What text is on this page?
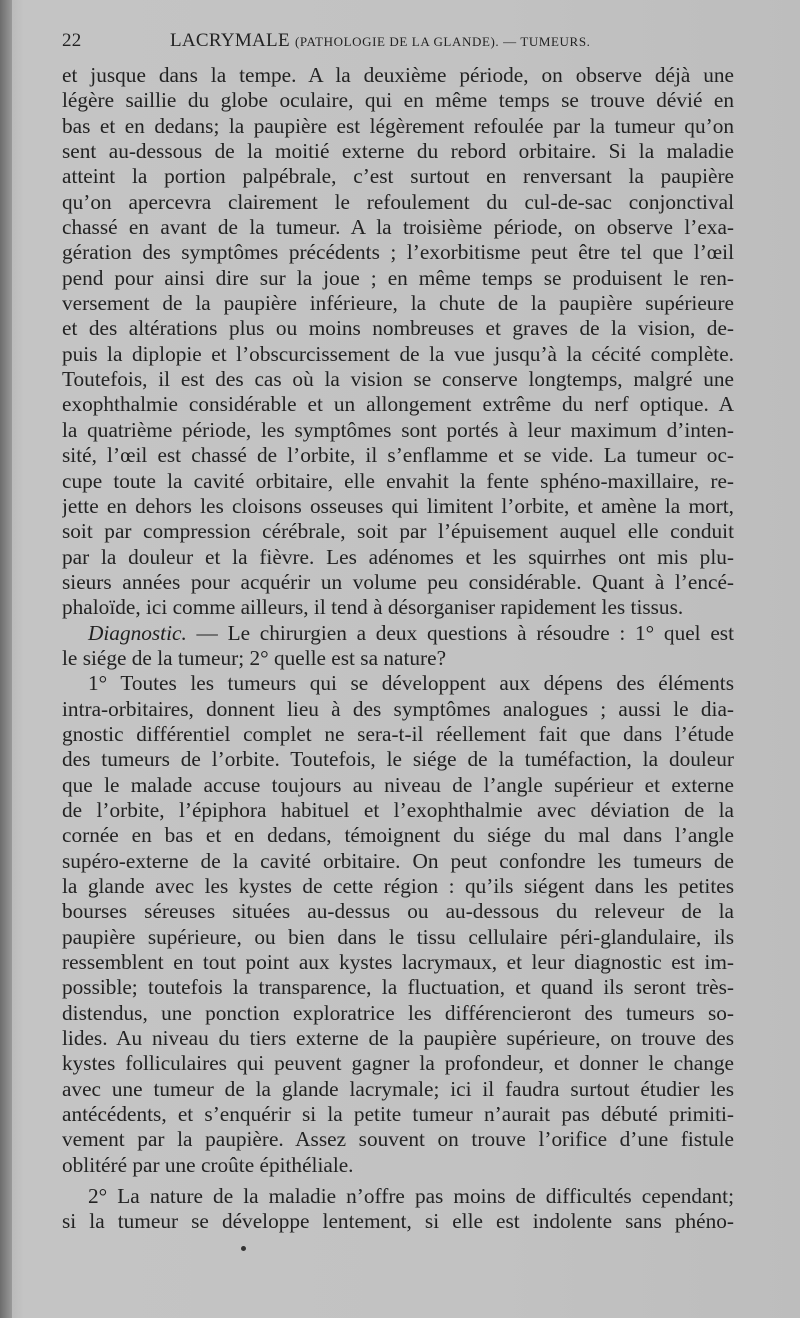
22	LACRYMALE (PATHOLOGIE DE LA GLANDE). — TUMEURS.
et jusque dans la tempe. A la deuxième période, on observe déjà une
légère saillie du globe oculaire, qui en même temps se trouve dévié en
bas et en dedans; la paupière est légèrement refoulée par la tumeur qu’on
sent au-dessous de la moitié externe du rebord orbitaire. Si la maladie
atteint la portion palpébrale, c’est surtout en renversant la paupière
qu’on apercevra clairement le refoulement du cul-de-sac conjonctival
chassé en avant de la tumeur. A la troisième période, on observe l’exa-
gération des symptômes précédents ; l’exorbitisme peut être tel que l’œil
pend pour ainsi dire sur la joue ; en même temps se produisent le ren-
versement de la paupière inférieure, la chute de la paupière supérieure
et des altérations plus ou moins nombreuses et graves de la vision, de-
puis la diplopie et l’obscurcissement de la vue jusqu’à la cécité complète.
Toutefois, il est des cas où la vision se conserve longtemps, malgré une
exophthalmie considérable et un allongement extrême du nerf optique. A
la quatrième période, les symptômes sont portés à leur maximum d’inten-
sité, l’œil est chassé de l’orbite, il s’enflamme et se vide. La tumeur oc-
cupe toute la cavité orbitaire, elle envahit la fente sphéno-maxillaire, re-
jette en dehors les cloisons osseuses qui limitent l’orbite, et amène la mort,
soit par compression cérébrale, soit par l’épuisement auquel elle conduit
par la douleur et la fièvre. Les adénomes et les squirrhes ont mis plu-
sieurs années pour acquérir un volume peu considérable. Quant à l’encé-
phaloïde, ici comme ailleurs, il tend à désorganiser rapidement les tissus.
Diagnostic. — Le chirurgien a deux questions à résoudre : 1° quel est
le siége de la tumeur; 2° quelle est sa nature?
1° Toutes les tumeurs qui se développent aux dépens des éléments
intra-orbitaires, donnent lieu à des symptômes analogues ; aussi le dia-
gnostic différentiel complet ne sera-t-il réellement fait que dans l’étude
des tumeurs de l’orbite. Toutefois, le siége de la tuméfaction, la douleur
que le malade accuse toujours au niveau de l’angle supérieur et externe
de l’orbite, l’épiphora habituel et l’exophthalmie avec déviation de la
cornée en bas et en dedans, témoignent du siége du mal dans l’angle
supéro-externe de la cavité orbitaire. On peut confondre les tumeurs de
la glande avec les kystes de cette région : qu’ils siégent dans les petites
bourses séreuses situées au-dessus ou au-dessous du releveur de la
paupière supérieure, ou bien dans le tissu cellulaire péri-glandulaire, ils
ressemblent en tout point aux kystes lacrymaux, et leur diagnostic est im-
possible; toutefois la transparence, la fluctuation, et quand ils seront très-
distendus, une ponction exploratrice les différencieront des tumeurs so-
lides. Au niveau du tiers externe de la paupière supérieure, on trouve des
kystes folliculaires qui peuvent gagner la profondeur, et donner le change
avec une tumeur de la glande lacrymale; ici il faudra surtout étudier les
antécédents, et s’enquérir si la petite tumeur n’aurait pas débuté primiti-
vement par la paupière. Assez souvent on trouve l’orifice d’une fistule
oblitéré par une croûte épithéliale.
2° La nature de la maladie n’offre pas moins de difficultés cependant;
si la tumeur se développe lentement, si elle est indolente sans phéno-
